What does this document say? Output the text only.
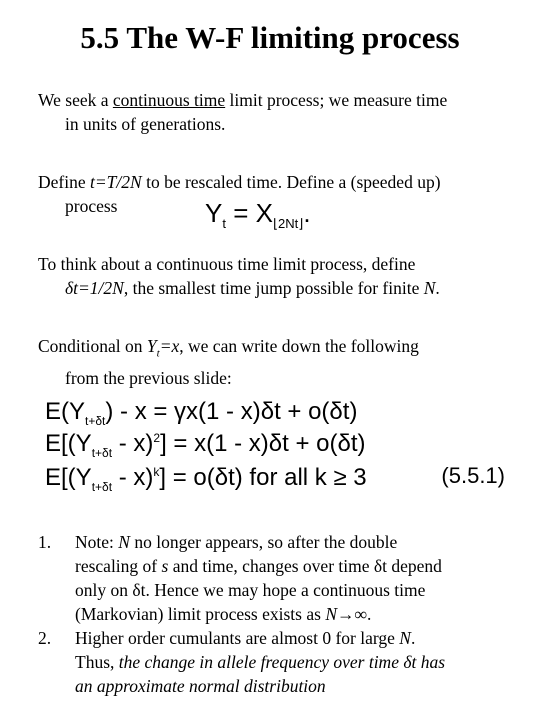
5.5 The W-F limiting process
We seek a continuous time limit process; we measure time
in units of generations.
Define t=T/2N to be rescaled time. Define a (speeded up)
process	$Y_t = X_{⌊2Nt⌋}$.
To think about a continuous time limit process, define
δt=1/2N, the smallest time jump possible for finite N.
Conditional on $Y_t=x$, we can write down the following
from the previous slide:
$E(Y_{t+\delta t}) - x = \gamma x(1 - x)\delta t + o(\delta t)$
$E[(Y_{t+\delta t} - x)^2] = x(1 - x)\delta t + o(\delta t)$
$E[(Y_{t+\delta t} - x)^k] = o(\delta t)$ for all k ≥ 3	(5.5.1)
1. Note: N no longer appears, so after the double
rescaling of s and time, changes over time δt depend
only on δt. Hence we may hope a continuous time
(Markovian) limit process exists as N→∞.
2. Higher order cumulants are almost 0 for large N.
Thus, the change in allele frequency over time δt has
an approximate normal distribution
